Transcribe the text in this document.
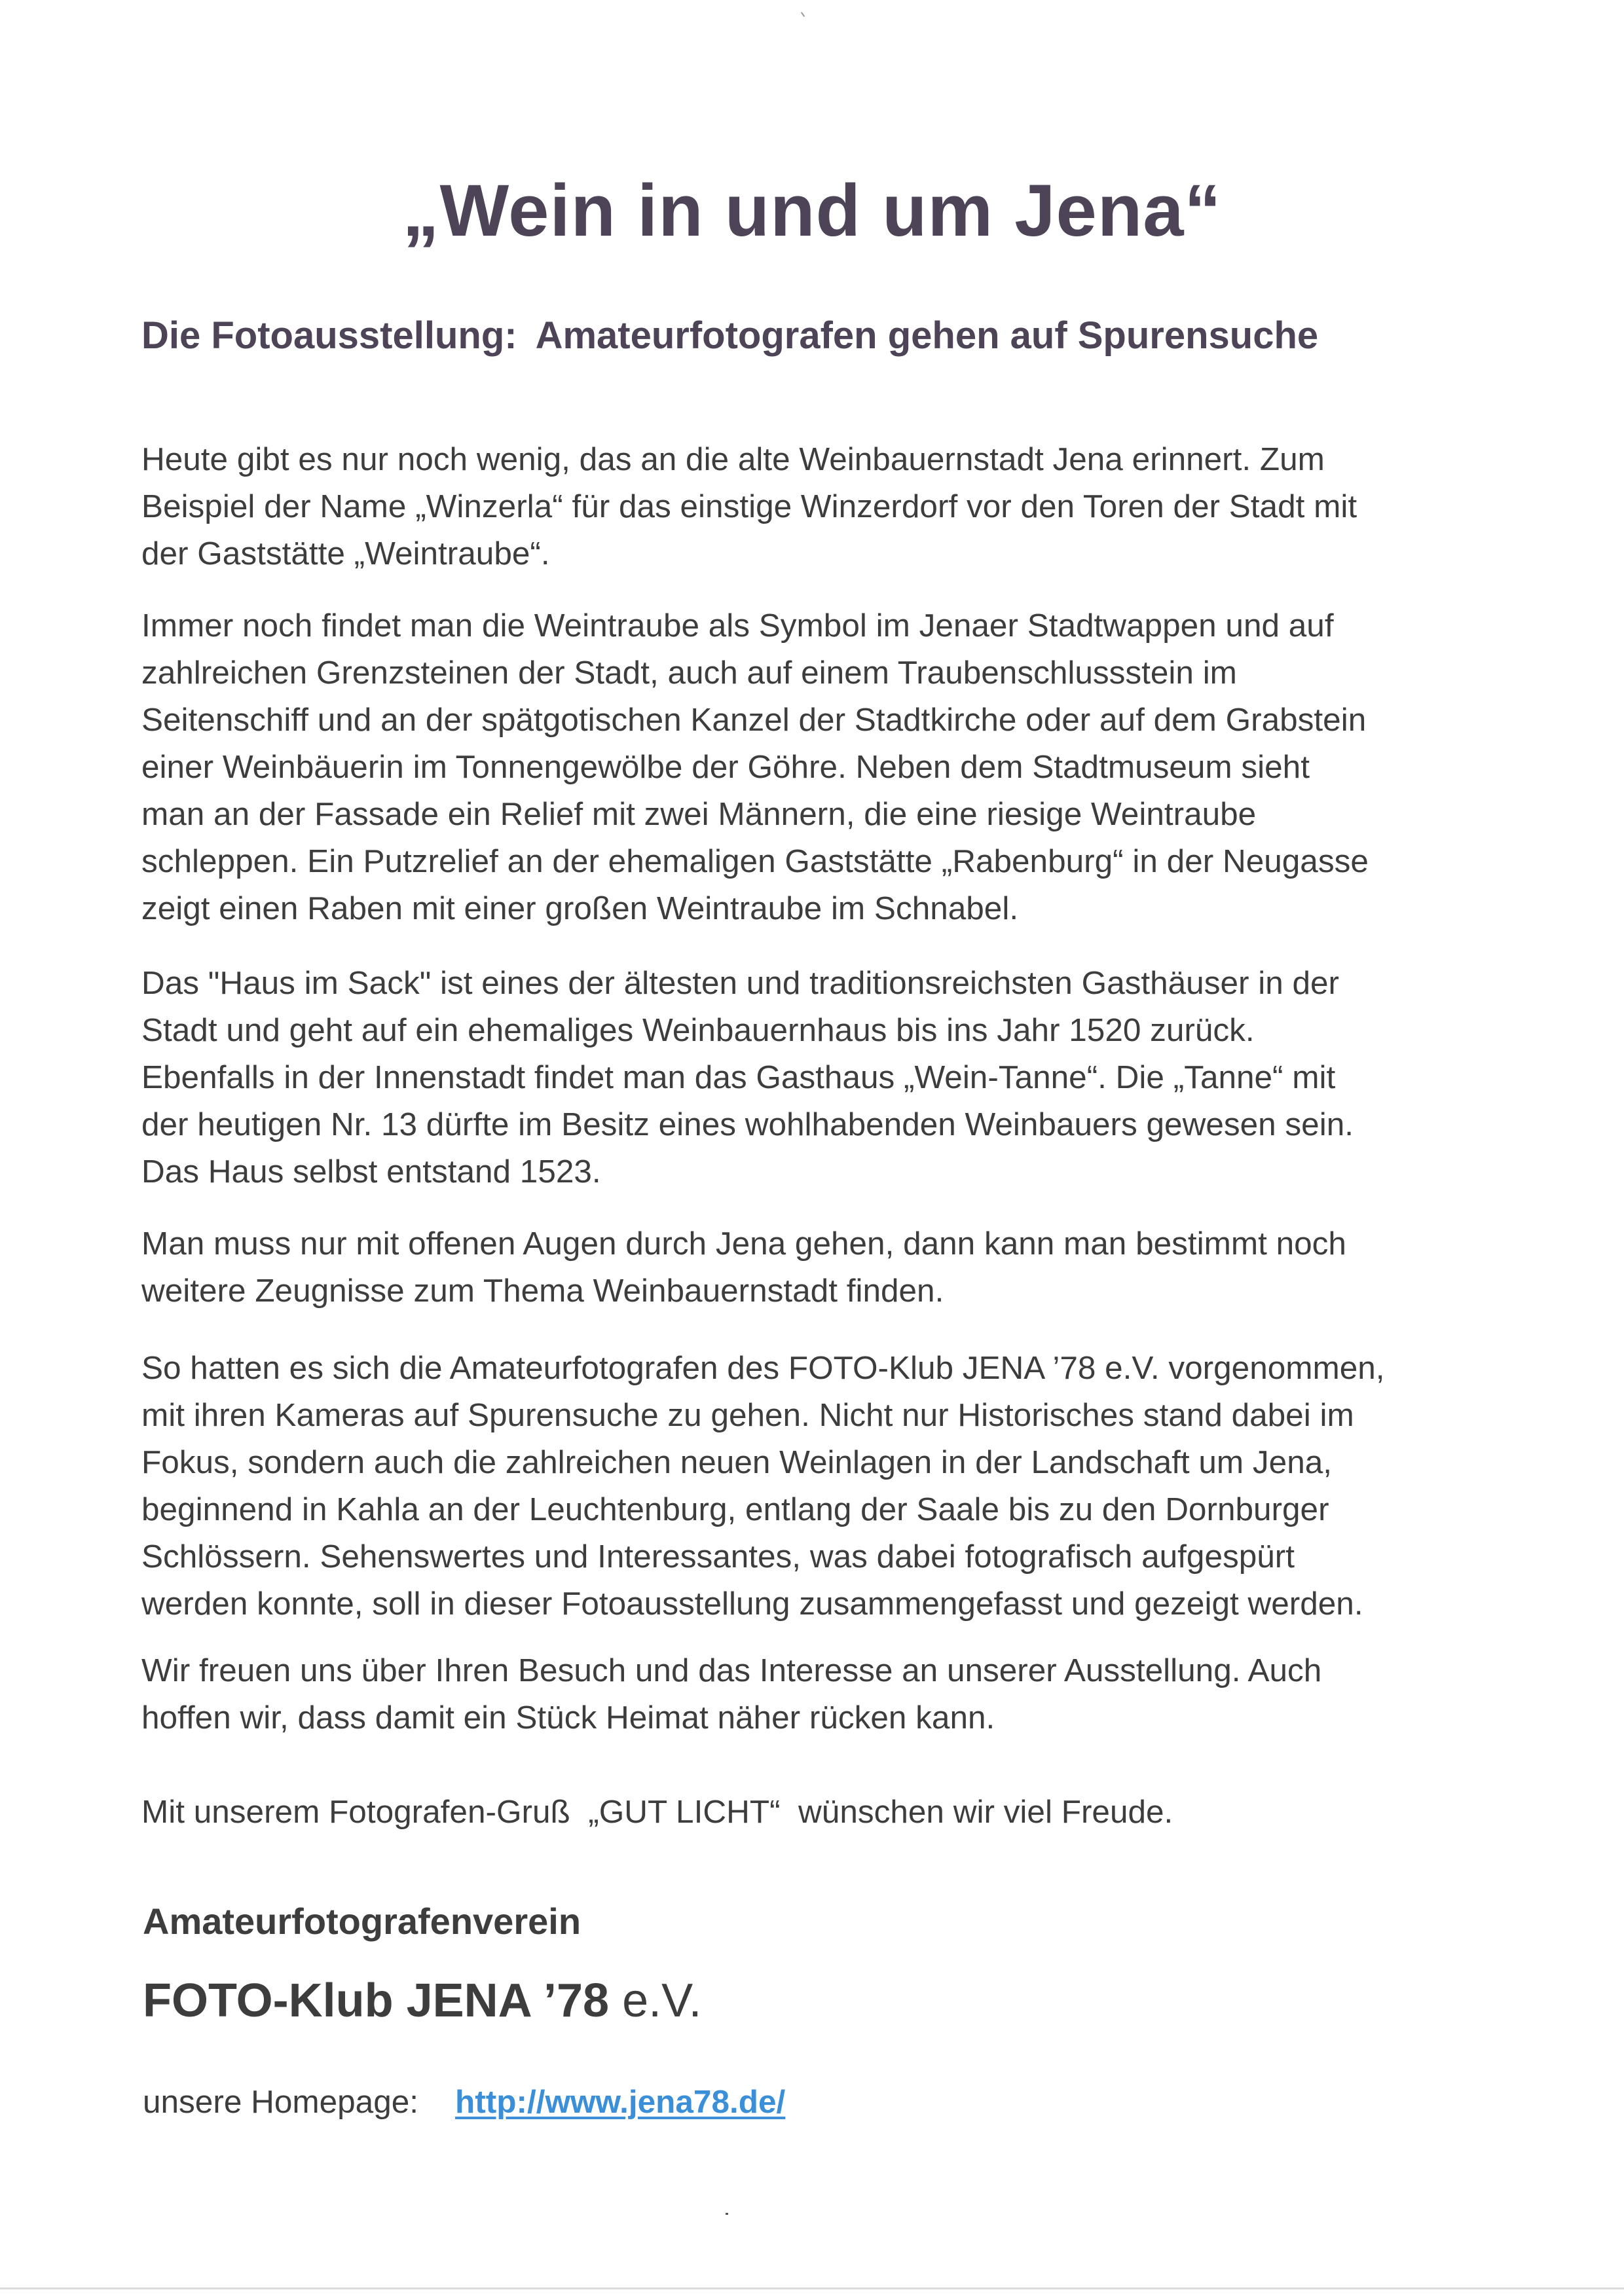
„Wein in und um Jena“
Die Fotoausstellung: Amateurfotografen gehen auf Spurensuche
Heute gibt es nur noch wenig, das an die alte Weinbauernstadt Jena erinnert. Zum
Beispiel der Name „Winzerla“ für das einstige Winzerdorf vor den Toren der Stadt mit
der Gaststätte „Weintraube“.
Immer noch findet man die Weintraube als Symbol im Jenaer Stadtwappen und auf
zahlreichen Grenzsteinen der Stadt, auch auf einem Traubenschlussstein im
Seitenschiff und an der spätgotischen Kanzel der Stadtkirche oder auf dem Grabstein
einer Weinbäuerin im Tonnengewölbe der Göhre. Neben dem Stadtmuseum sieht
man an der Fassade ein Relief mit zwei Männern, die eine riesige Weintraube
schleppen. Ein Putzrelief an der ehemaligen Gaststätte „Rabenburg“ in der Neugasse
zeigt einen Raben mit einer großen Weintraube im Schnabel.
Das "Haus im Sack" ist eines der ältesten und traditionsreichsten Gasthäuser in der
Stadt und geht auf ein ehemaliges Weinbauernhaus bis ins Jahr 1520 zurück.
Ebenfalls in der Innenstadt findet man das Gasthaus „Wein-Tanne“. Die „Tanne“ mit
der heutigen Nr. 13 dürfte im Besitz eines wohlhabenden Weinbauers gewesen sein.
Das Haus selbst entstand 1523.
Man muss nur mit offenen Augen durch Jena gehen, dann kann man bestimmt noch
weitere Zeugnisse zum Thema Weinbauernstadt finden.
So hatten es sich die Amateurfotografen des FOTO-Klub JENA ’78 e.V. vorgenommen,
mit ihren Kameras auf Spurensuche zu gehen. Nicht nur Historisches stand dabei im
Fokus, sondern auch die zahlreichen neuen Weinlagen in der Landschaft um Jena,
beginnend in Kahla an der Leuchtenburg, entlang der Saale bis zu den Dornburger
Schlössern. Sehenswertes und Interessantes, was dabei fotografisch aufgespürt
werden konnte, soll in dieser Fotoausstellung zusammengefasst und gezeigt werden.
Wir freuen uns über Ihren Besuch und das Interesse an unserer Ausstellung. Auch
hoffen wir, dass damit ein Stück Heimat näher rücken kann.
Mit unserem Fotografen-Gruß  „GUT LICHT“  wünschen wir viel Freude.
Amateurfotografenverein
FOTO-Klub JENA ’78 e.V.
unsere Homepage: http://www.jena78.de/
